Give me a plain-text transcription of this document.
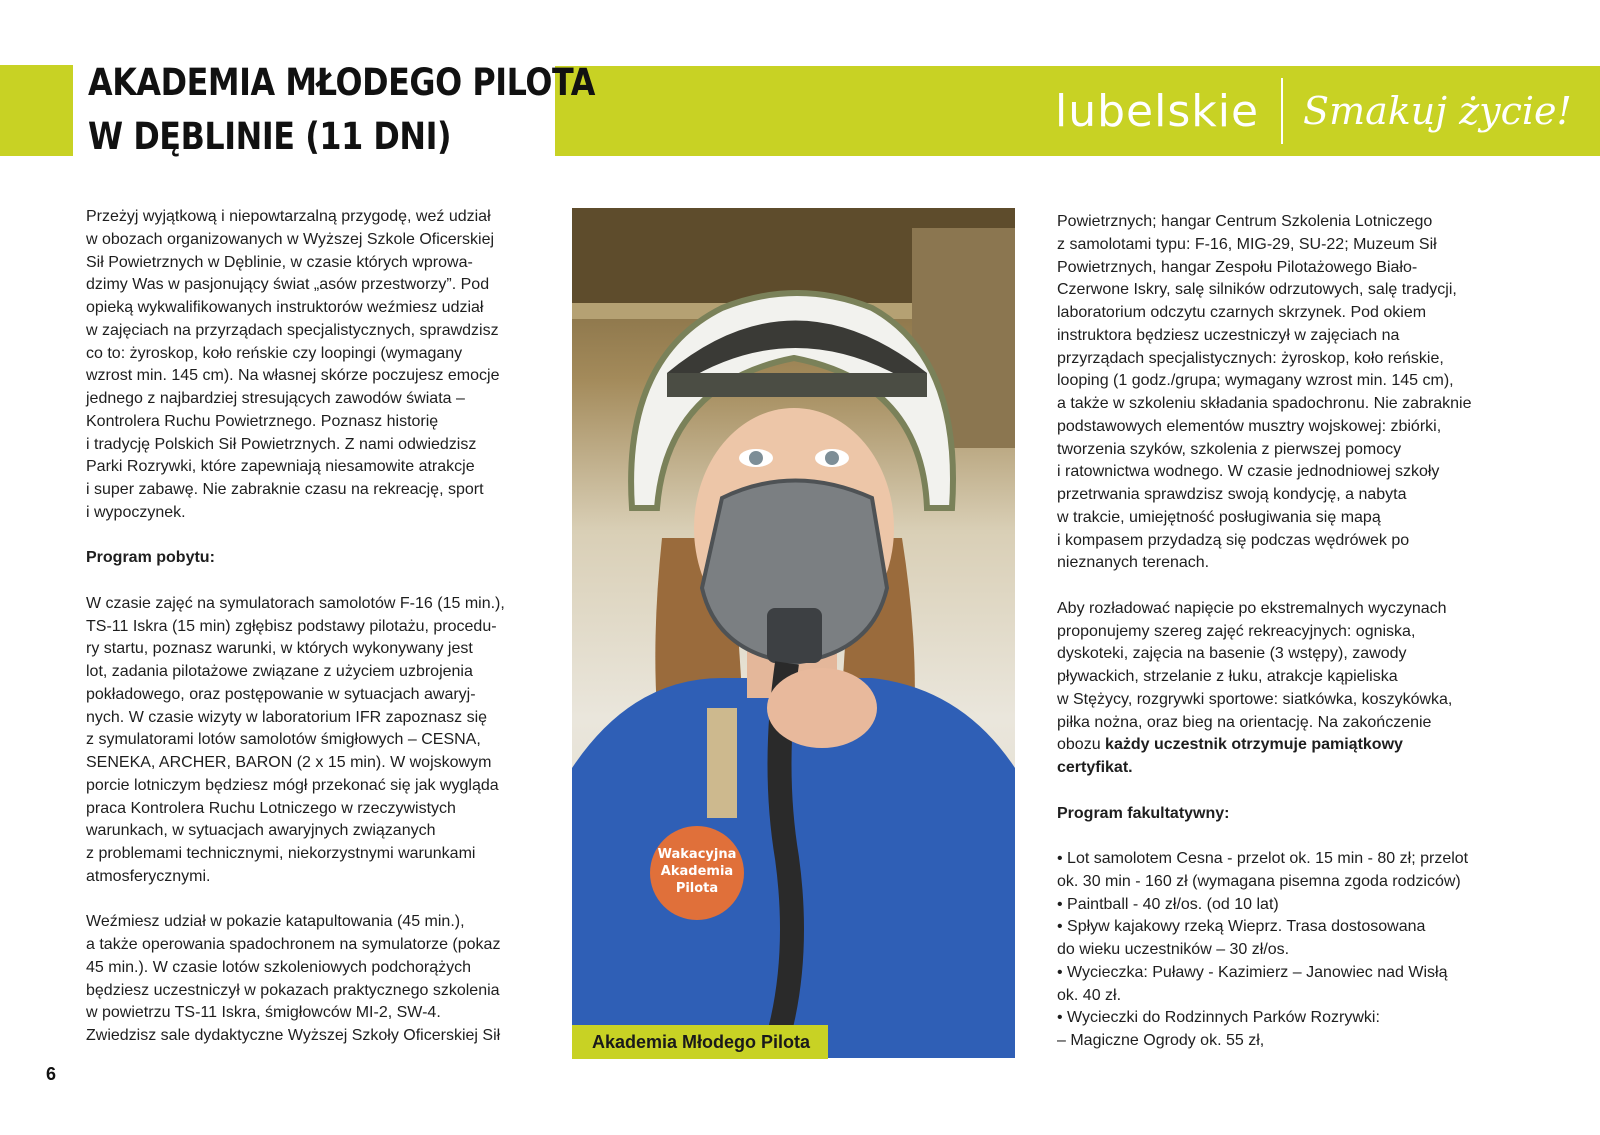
AKADEMIA MŁODEGO PILOTA
W DĘBLINIE (11 DNI)	lubelskie Smakuj życie!

Przeżyj wyjątkową i niepowtarzalną przygodę, weź udział
w obozach organizowanych w Wyższej Szkole Oficerskiej
Sił Powietrznych w Dęblinie, w czasie których wprowa-
dzimy Was w pasjonujący świat „asów przestworzy”. Pod
opieką wykwalifikowanych instruktorów weźmiesz udział
w zajęciach na przyrządach specjalistycznych, sprawdzisz
co to: żyroskop, koło reńskie czy loopingi (wymagany
wzrost min. 145 cm). Na własnej skórze poczujesz emocje
jednego z najbardziej stresujących zawodów świata –
Kontrolera Ruchu Powietrznego. Poznasz historię
i tradycję Polskich Sił Powietrznych. Z nami odwiedzisz
Parki Rozrywki, które zapewniają niesamowite atrakcje
i super zabawę. Nie zabraknie czasu na rekreację, sport
i wypoczynek.

Program pobytu:

W czasie zajęć na symulatorach samolotów F-16 (15 min.),
TS-11 Iskra (15 min) zgłębisz podstawy pilotażu, procedu-
ry startu, poznasz warunki, w których wykonywany jest
lot, zadania pilotażowe związane z użyciem uzbrojenia
pokładowego, oraz postępowanie w sytuacjach awaryj-
nych. W czasie wizyty w laboratorium IFR zapoznasz się
z symulatorami lotów samolotów śmigłowych – CESNA,
SENEKA, ARCHER, BARON (2 x 15 min). W wojskowym
porcie lotniczym będziesz mógł przekonać się jak wygląda
praca Kontrolera Ruchu Lotniczego w rzeczywistych
warunkach, w sytuacjach awaryjnych związanych
z problemami technicznymi, niekorzystnymi warunkami
atmosferycznymi.

Weźmiesz udział w pokazie katapultowania (45 min.),
a także operowania spadochronem na symulatorze (pokaz
45 min.). W czasie lotów szkoleniowych podchorążych
będziesz uczestniczył w pokazach praktycznego szkolenia
w powietrzu TS-11 Iskra, śmigłowców MI-2, SW-4.
Zwiedzisz sale dydaktyczne Wyższej Szkoły Oficerskiej Sił

Wakacyjna
Akademia
Pilota
Akademia Młodego Pilota

Powietrznych; hangar Centrum Szkolenia Lotniczego
z samolotami typu: F-16, MIG-29, SU-22; Muzeum Sił
Powietrznych, hangar Zespołu Pilotażowego Biało-
Czerwone Iskry, salę silników odrzutowych, salę tradycji,
laboratorium odczytu czarnych skrzynek. Pod okiem
instruktora będziesz uczestniczył w zajęciach na
przyrządach specjalistycznych: żyroskop, koło reńskie,
looping (1 godz./grupa; wymagany wzrost min. 145 cm),
a także w szkoleniu składania spadochronu. Nie zabraknie
podstawowych elementów musztry wojskowej: zbiórki,
tworzenia szyków, szkolenia z pierwszej pomocy
i ratownictwa wodnego. W czasie jednodniowej szkoły
przetrwania sprawdzisz swoją kondycję, a nabyta
w trakcie, umiejętność posługiwania się mapą
i kompasem przydadzą się podczas wędrówek po
nieznanych terenach.

Aby rozładować napięcie po ekstremalnych wyczynach
proponujemy szereg zajęć rekreacyjnych: ogniska,
dyskoteki, zajęcia na basenie (3 wstępy), zawody
pływackich, strzelanie z łuku, atrakcje kąpieliska
w Stężycy, rozgrywki sportowe: siatkówka, koszykówka,
piłka nożna, oraz bieg na orientację. Na zakończenie
obozu każdy uczestnik otrzymuje pamiątkowy
certyfikat.

Program fakultatywny:

• Lot samolotem Cesna - przelot ok. 15 min - 80 zł; przelot
ok. 30 min - 160 zł (wymagana pisemna zgoda rodziców)
• Paintball - 40 zł/os. (od 10 lat)
• Spływ kajakowy rzeką Wieprz. Trasa dostosowana
do wieku uczestników – 30 zł/os.
• Wycieczka: Puławy - Kazimierz – Janowiec nad Wisłą
ok. 40 zł.
• Wycieczki do Rodzinnych Parków Rozrywki:
– Magiczne Ogrody ok. 55 zł,

6
